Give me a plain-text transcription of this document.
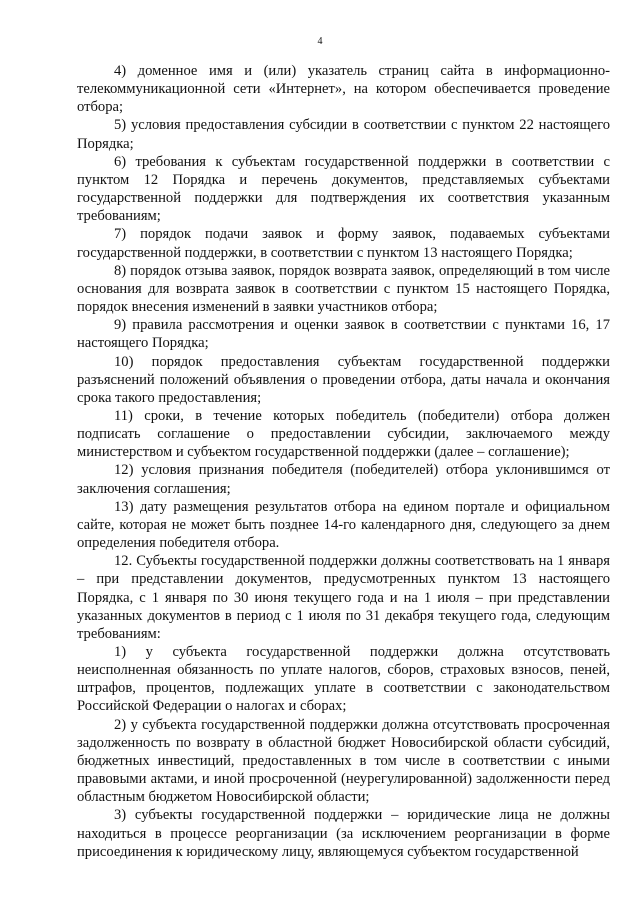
4

4) доменное имя и (или) указатель страниц сайта в информационно-телекоммуникационной сети «Интернет», на котором обеспечивается проведение отбора;

5) условия предоставления субсидии в соответствии с пунктом 22 настоящего Порядка;

6) требования к субъектам государственной поддержки в соответствии с пунктом 12 Порядка и перечень документов, представляемых субъектами государственной поддержки для подтверждения их соответствия указанным требованиям;

7) порядок подачи заявок и форму заявок, подаваемых субъектами государственной поддержки, в соответствии с пунктом 13 настоящего Порядка;

8) порядок отзыва заявок, порядок возврата заявок, определяющий в том числе основания для возврата заявок в соответствии с пунктом 15 настоящего Порядка, порядок внесения изменений в заявки участников отбора;

9) правила рассмотрения и оценки заявок в соответствии с пунктами 16, 17 настоящего Порядка;

10) порядок предоставления субъектам государственной поддержки разъяснений положений объявления о проведении отбора, даты начала и окончания срока такого предоставления;

11) сроки, в течение которых победитель (победители) отбора должен подписать соглашение о предоставлении субсидии, заключаемого между министерством и субъектом государственной поддержки (далее – соглашение);

12) условия признания победителя (победителей) отбора уклонившимся от заключения соглашения;

13) дату размещения результатов отбора на едином портале и официальном сайте, которая не может быть позднее 14-го календарного дня, следующего за днем определения победителя отбора.

12. Субъекты государственной поддержки должны соответствовать на 1 января – при представлении документов, предусмотренных пунктом 13 настоящего Порядка, с 1 января по 30 июня текущего года и на 1 июля – при представлении указанных документов в период с 1 июля по 31 декабря текущего года, следующим требованиям:

1) у субъекта государственной поддержки должна отсутствовать неисполненная обязанность по уплате налогов, сборов, страховых взносов, пеней, штрафов, процентов, подлежащих уплате в соответствии с законодательством Российской Федерации о налогах и сборах;

2) у субъекта государственной поддержки должна отсутствовать просроченная задолженность по возврату в областной бюджет Новосибирской области субсидий, бюджетных инвестиций, предоставленных в том числе в соответствии с иными правовыми актами, и иной просроченной (неурегулированной) задолженности перед областным бюджетом Новосибирской области;

3) субъекты государственной поддержки – юридические лица не должны находиться в процессе реорганизации (за исключением реорганизации в форме присоединения к юридическому лицу, являющемуся субъектом государственной
